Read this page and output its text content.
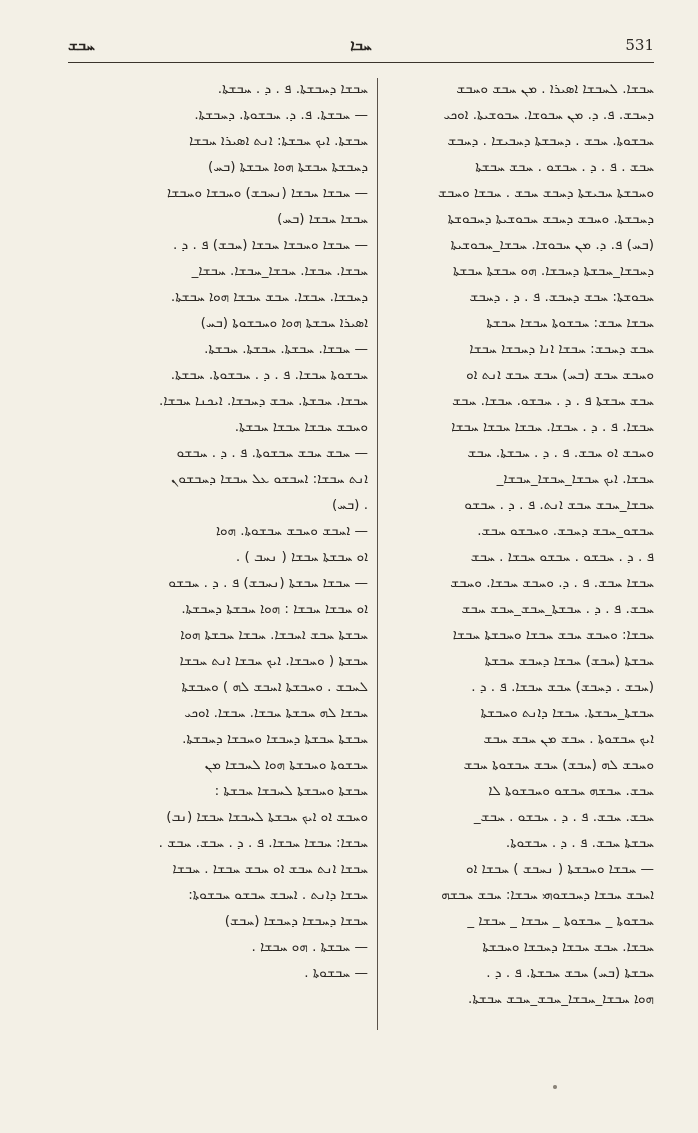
ܚܒܫ	ܚܒܐ	531
ܚܒܫܐ. ܠܚܒܫܐ ܐܣܝܪܐ . ܡܢ ܚܒܫ ܘܚܒܫ
ܕܚܒܫ. ܦ. ܕ. ܡܢ ܚܒܘܫܐ. ܚܒܘܫܝܬܐ. ܐܘܟܝ
ܚܒܫܘܬܐ. ܚܒܫ . ܕܚܒܫܬܐ ܕܚܒܝܫܐ . ܕܚܒܫ
ܚܒܫ . ܦ . ܕ . ܚܒܫܘ . ܚܒܫ ܚܒܫܬܐ
ܘܚܒܫܬܐ ܚܒܝܫܬܐ ܕܚܒܫ ܚܒܫ . ܚܒܫܐ ܘܚܒܫ
ܕܚܒܫܬܐ. ܘܚܒܫ ܕܚܒܫ ܚܒܘܫܝܬܐ ܕܚܒܘܫܬܐ
(ܒܚ) ܦ. ܕ. ܡܢ ܚܒܘܫܐ. ܚܒܫܐ_ܚܒܘܫܝܬܐ
ܕܚܒܫܐ_ܚܒܫܬܐ ܕܚܒܫܐ. ܗܘ ܚܒܫܬܐ ܚܒܫܬܐ
ܚܒܘܫܬܐ: ܚܒܫ ܕܚܒܫ. ܦ . ܕ . ܕܚܒܫ
ܚܒܫܐ ܚܒܫ: ܚܒܫܘܬܐ ܚܒܫܐ ܚܒܫܬܐ
ܚܒܫ ܕܚܒܫ: ܚܒܫܐ ܐܢܐ ܕܚܒܫܐ ܚܒܫܐ
ܘܚܒܫ ܚܒܫ (ܒܚ) ܚܒܫ ܚܒܫ ܐܢܬ ܐܘ
ܚܒܫ ܚܒܫܬܐ ܦ . ܕ . ܚܒܫܘ. ܚܒܫܐ. ܚܒܫ
ܚܒܫܐ. ܦ . ܕ . ܚܒܫܐ. ܚܒܫܐ ܚܒܫܐ ܚܒܫܐ
ܘܚܒܫ ܐܘ ܚܒܫ. ܦ . ܕ . ܚܒܫܬܐ. ܚܒܫ
ܚܒܫܐ. ܐܝܟ ܚܒܫܐ_ܚܒܫܐ_ܚܒܫܐ_
ܚܒܫܐ_ܚܒܫ ܚܒܫ ܐܢܬ. ܦ . ܕ . ܚܒܫܘ
ܚܒܫܘ_ܚܒܫ ܕܚܒܫ. ܘܚܒܫܘ ܚܒܫ.
ܦ . ܕ . ܚܒܫܘ . ܚܒܫܘ ܚܒܫܐ . ܚܒܫ
ܚܒܫܐ ܚܒܫ. ܦ . ܕ. ܘܚܒܫ ܚܒܫܐ. ܘܚܒܫ
ܚܒܫ. ܦ . ܕ . ܚܒܫܬܐ_ܚܒܫ_ܚܒܫ ܚܒܫ
ܚܒܫܐ: ܘܚܒܫ ܚܒܫ ܚܒܫܐ ܘܚܒܫܬܐ ܚܒܫܐ
ܚܒܫܬܐ (ܚܒܫ) ܚܒܫܐ ܕܚܒܫ ܚܒܫܬܐ
(ܚܒܫ . ܕܚܒܫ) ܚܒܫ ܚܒܫܐ. ܦ . ܕ .
ܚܒܫܬܐ_ܚܒܫܬܐ. ܚܒܫܐ ܕܐܢܬ ܘܚܒܫܬܐ
ܐܝܟ ܚܒܫܘܬܐ . ܚܒܫ ܡܢ ܚܒܫ ܚܒܫ
ܘܚܒܫ ܠܗ (ܚܒܫ) ܚܒܫ ܚܒܫܘܬܐ ܚܒܫ
ܚܒܫ. ܚܒܫܗ ܚܒܫܘ ܘܚܒܫܘܬܐ ܠܐ
ܚܒܫ. ܚܒܫ. ܦ . ܕ . ܚܒܫܘ . ܚܒܫ_
ܚܒܫܬܐ ܚܒܫ. ܦ . ܕ . ܚܒܫܘܬܐ.
— ܚܒܫܐ ܘܚܒܫܬܐ ( ܢܚܒܫ ) ܚܒܫܐ ܐܘ
ܐܚܒܫ ܚܒܫܐ ܕܚܒܫܘܗܝ ܚܒܫܐ: ܚܒܫ ܚܒܫܗ
ܚܒܫܘܬܐ _ ܚܒܫܘܬܐ _ ܚܒܫܐ _ ܚܒܫܐ _
ܚܒܫܐ. ܚܒܫ ܚܒܫܐ ܕܚܒܫܐ ܘܚܒܫܬܐ
ܚܒܫܬܐ (ܒܚ) ܚܒܫ ܚܒܫܬܐ. ܦ . ܕ .
ܗܘܐ ܚܒܫܐ_ܚܒܫܐ_ܚܒܫ_ܚܒܫ ܚܒܫܬܐ.
ܚܒܫܐ ܕܚܒܫܬܐ. ܦ . ܕ . ܚܒܫܬܐ.
— ܚܒܫܬܐ. ܦ. ܕ. ܚܒܫܘܬܐ. ܕܚܒܫܬܐ.
ܚܒܫܬܐ. ܐܝܟ ܚܒܫܬܐ: ܐܢܬ ܐܣܝܪܐ ܚܒܫܐ
ܕܚܒܫܬܐ ܚܒܫܬܐ ܗܘܐ ܚܒܫܬܐ (ܒܚ)
— ܚܒܫܐ ܚܒܫܐ (ܢܚܒܫ) ܘܚܒܫܐ ܘܚܒܫܐ
ܚܒܫܐ ܚܒܫܐ (ܒܚ)
— ܚܒܫܐ ܘܚܒܫܐ ܚܒܫܐ (ܚܒܫ) ܦ . ܕ .
ܚܒܫܐ. ܚܒܫܐ. ܚܒܫܐ_ܚܒܫܐ. ܚܒܫܐ_
ܕܚܒܫܐ. ܚܒܫܐ. ܚܒܫ ܚܒܫܐ ܗܘܐ ܚܒܫܬܐ.
ܐܣܝܪܐ ܚܒܫܬܐ ܗܘܐ ܘܚܒܫܘܬܐ (ܒܚ)
— ܚܒܫܐ. ܚܒܫܬܐ. ܚܒܫܬܐ. ܚܒܫܬܐ.
ܚܒܫܘܬܐ ܚܒܫܐ. ܦ . ܕ . ܚܒܫܘܬܐ. ܚܒܫܬܐ.
ܚܒܫܐ. ܚܒܫܬܐ. ܚܒܫ ܕܚܒܫܐ. ܐܝܟܢܐ ܚܒܫܐ.
ܘܚܒܫ ܚܒܫܐ ܚܒܫܐ ܚܒܫܬܐ.
— ܚܒܫ ܚܒܫ ܚܒܫܘܬܐ. ܦ . ܕ . ܚܒܫܘ
ܐܢܬ ܚܒܫܐ: ܐܚܒܫܘ ܥܠ ܚܒܫܐ ܕܚܒܫܘܢ
. (ܒܚ)
— ܐܚܒܫ ܘܚܒܫ ܚܒܫܘܬܐ. ܗܘܐ
ܐܘ ܚܒܫܬܐ ܚܒܫܐ ( ܢܚܒ ) .
— ܚܒܫܐ ܚܒܫܬܐ (ܢܚܒܫ) ܦ . ܕ . ܚܒܫܘ
ܐܘ ܚܒܫܐ ܚܒܫܐ : ܗܘܐ ܚܒܫܬܐ ܕܚܒܫܬܐ.
ܚܒܫܬܐ ܚܒܫ ܐܚܒܫܐ. ܚܒܫܐ ܚܒܫܬܐ ܗܘܐ
ܚܒܫܬܐ ( ܘܚܒܫܐ. ܐܝܟ ܚܒܫܐ ܐܢܬ ܚܒܫܐ
ܠܚܒܫ . ܘܚܒܫܬܐ ܐܚܒܫ ܠܗ ) ܘܚܒܫܬܐ
ܚܒܫܐ ܠܗ ܚܒܫܬܐ ܚܒܫܐ. ܚܒܫܐ. ܐܘܟܝ
ܚܒܫܬܐ ܚܒܫܬܐ ܕܚܒܫܐ ܘܚܒܫܐ ܕܚܒܫܬܐ.
ܚܒܫܘܬܐ ܘܚܒܫܬܐ ܗܘܐ ܠܚܒܫܐ ܡܢ
ܚܒܫܬܐ ܘܚܒܫܬܐ ܠܚܒܫܐ ܚܒܫܬܐ :
ܘܚܒܫ ܐܘ ܐܝܟ ܚܒܫܬܐ ܠܚܒܫܐ ܚܒܫܐ (ܢܒ)
ܚܒܫܐ: ܚܒܫܐ ܚܒܫܐ. ܦ . ܕ . ܚܒܫ. ܚܒܫ .
ܚܒܫܐ ܐܢܬ ܚܒܫ ܐܘ ܚܒܫ ܚܒܫܐ . ܚܒܫܐ
ܚܒܫܐ ܕܐܢܬ . ܐܚܒܫ ܚܒܫܘ ܚܒܫܘܬܐ:
ܚܒܫܐ ܕܚܒܫܐ ܕܚܒܫܐ (ܚܒܫ)
— ܚܒܫܬܐ . ܗܘ ܚܒܫܐ .
— ܚܒܫܘܬܐ .
